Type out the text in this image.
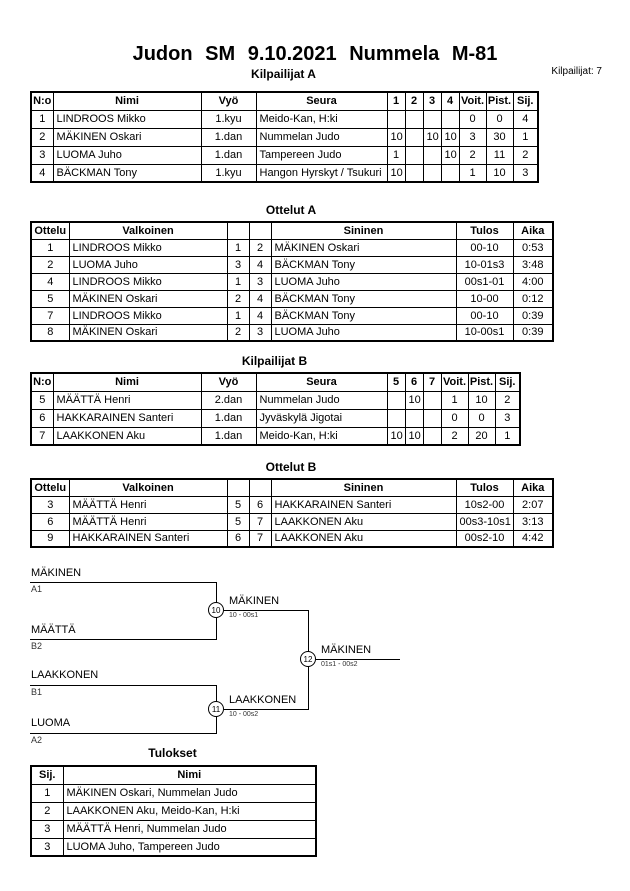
Judon SM 9.10.2021 Nummela M-81
Kilpailijat: 7
Kilpailijat A
N:o	Nimi	Vyö	Seura	1	2	3	4	Voit.	Pist.	Sij.
1	LINDROOS Mikko	1.kyu	Meido-Kan, H:ki					0	0	4
2	MÄKINEN Oskari	1.dan	Nummelan Judo	10		10	10	3	30	1
3	LUOMA Juho	1.dan	Tampereen Judo	1			10	2	11	2
4	BÄCKMAN Tony	1.kyu	Hangon Hyrskyt / Tsukuri	10				1	10	3
Ottelut A
Ottelu	Valkoinen			Sininen	Tulos	Aika
1	LINDROOS Mikko	1	2	MÄKINEN Oskari	00-10	0:53
2	LUOMA Juho	3	4	BÄCKMAN Tony	10-01s3	3:48
4	LINDROOS Mikko	1	3	LUOMA Juho	00s1-01	4:00
5	MÄKINEN Oskari	2	4	BÄCKMAN Tony	10-00	0:12
7	LINDROOS Mikko	1	4	BÄCKMAN Tony	00-10	0:39
8	MÄKINEN Oskari	2	3	LUOMA Juho	10-00s1	0:39
Kilpailijat B
N:o	Nimi	Vyö	Seura	5	6	7	Voit.	Pist.	Sij.
5	MÄÄTTÄ Henri	2.dan	Nummelan Judo		10		1	10	2
6	HAKKARAINEN Santeri	1.dan	Jyväskylä Jigotai				0	0	3
7	LAAKKONEN Aku	1.dan	Meido-Kan, H:ki	10	10		2	20	1
Ottelut B
Ottelu	Valkoinen			Sininen	Tulos	Aika
3	MÄÄTTÄ Henri	5	6	HAKKARAINEN Santeri	10s2-00	2:07
6	MÄÄTTÄ Henri	5	7	LAAKKONEN Aku	00s3-10s1	3:13
9	HAKKARAINEN Santeri	6	7	LAAKKONEN Aku	00s2-10	4:42
MÄKINEN
A1
MÄÄTTÄ
B2
10
MÄKINEN
10 - 00s1
LAAKKONEN
B1
LUOMA
A2
11
LAAKKONEN
10 - 00s2
12
MÄKINEN
01s1 - 00s2
Tulokset
Sij.	Nimi
1	MÄKINEN Oskari, Nummelan Judo
2	LAAKKONEN Aku, Meido-Kan, H:ki
3	MÄÄTTÄ Henri, Nummelan Judo
3	LUOMA Juho, Tampereen Judo
